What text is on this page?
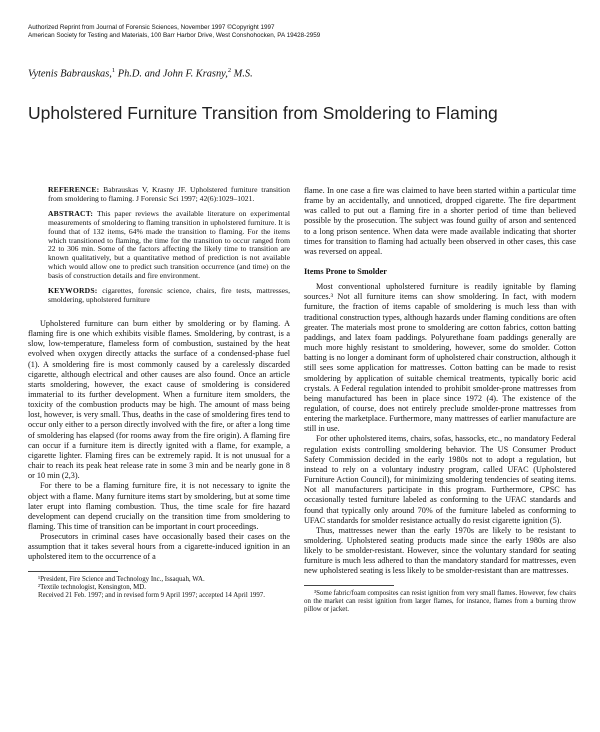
Authorized Reprint from Journal of Forensic Sciences, November 1997 ©Copyright 1997
American Society for Testing and Materials, 100 Barr Harbor Drive, West Conshohocken, PA 19428-2959
Vytenis Babrauskas,$^1$ Ph.D. and John F. Krasny,$^2$ M.S.
Upholstered Furniture Transition from Smoldering to Flaming

REFERENCE: Babrauskas V, Krasny JF. Upholstered furniture transition from smoldering to flaming. J Forensic Sci 1997; 42(6):1029–1021.

ABSTRACT: This paper reviews the available literature on experimental measurements of smoldering to flaming transition in upholstered furniture. It is found that of 132 items, 64% made the transition to flaming. For the items which transitioned to flaming, the time for the transition to occur ranged from 22 to 306 min. Some of the factors affecting the likely time to transition are known qualitatively, but a quantitative method of prediction is not available which would allow one to predict such transition occurrence (and time) on the basis of construction details and fire environment.

KEYWORDS: cigarettes, forensic science, chairs, fire tests, mattresses, smoldering, upholstered furniture

Upholstered furniture can burn either by smoldering or by flaming. A flaming fire is one which exhibits visible flames. Smoldering, by contrast, is a slow, low-temperature, flameless form of combustion, sustained by the heat evolved when oxygen directly attacks the surface of a condensed-phase fuel (1). A smoldering fire is most commonly caused by a carelessly discarded cigarette, although electrical and other causes are also found. Once an article starts smoldering, however, the exact cause of smoldering is considered immaterial to its further development. When a furniture item smolders, the toxicity of the combustion products may be high. The amount of mass being lost, however, is very small. Thus, deaths in the case of smoldering fires tend to occur only either to a person directly involved with the fire, or after a long time of smoldering has elapsed (for rooms away from the fire origin). A flaming fire can occur if a furniture item is directly ignited with a flame, for example, a cigarette lighter. Flaming fires can be extremely rapid. It is not unusual for a chair to reach its peak heat release rate in some 3 min and be nearly gone in 8 or 10 min (2,3).

For there to be a flaming furniture fire, it is not necessary to ignite the object with a flame. Many furniture items start by smoldering, but at some time later erupt into flaming combustion. Thus, the time scale for fire hazard development can depend crucially on the transition time from smoldering to flaming. This time of transition can be important in court proceedings.

Prosecutors in criminal cases have occasionally based their cases on the assumption that it takes several hours from a cigarette-induced ignition in an upholstered item to the occurrence of a

¹President, Fire Science and Technology Inc., Issaquah, WA.

²Textile technologist, Kensington, MD.

Received 21 Feb. 1997; and in revised form 9 April 1997; accepted 14 April 1997.

flame. In one case a fire was claimed to have been started within a particular time frame by an accidentally, and unnoticed, dropped cigarette. The fire department was called to put out a flaming fire in a shorter period of time than believed possible by the prosecution. The subject was found guilty of arson and sentenced to a long prison sentence. When data were made available indicating that shorter times for transition to flaming had actually been observed in other cases, this case was reversed on appeal.

Items Prone to Smolder

Most conventional upholstered furniture is readily ignitable by flaming sources.³ Not all furniture items can show smoldering. In fact, with modern furniture, the fraction of items capable of smoldering is much less than with traditional construction types, although hazards under flaming conditions are often greater. The materials most prone to smoldering are cotton fabrics, cotton batting paddings, and latex foam paddings. Polyurethane foam paddings generally are much more highly resistant to smoldering, however, some do smolder. Cotton batting is no longer a dominant form of upholstered chair construction, although it still sees some application for mattresses. Cotton batting can be made to resist smoldering by application of suitable chemical treatments, typically boric acid crystals. A Federal regulation intended to prohibit smolder-prone mattresses from being manufactured has been in place since 1972 (4). The existence of the regulation, of course, does not entirely preclude smolder-prone mattresses from entering the marketplace. Furthermore, many mattresses of earlier manufacture are still in use.

For other upholstered items, chairs, sofas, hassocks, etc., no mandatory Federal regulation exists controlling smoldering behavior. The US Consumer Product Safety Commission decided in the early 1980s not to adopt a regulation, but instead to rely on a voluntary industry program, called UFAC (Upholstered Furniture Action Council), for minimizing smoldering tendencies of seating items. Not all manufacturers participate in this program. Furthermore, CPSC has occasionally tested furniture labeled as conforming to the UFAC standards and found that typically only around 70% of the furniture labeled as conforming to UFAC standards for smolder resistance actually do resist cigarette ignition (5).

Thus, mattresses newer than the early 1970s are likely to be resistant to smoldering. Upholstered seating products made since the early 1980s are also likely to be smolder-resistant. However, since the voluntary standard for seating furniture is much less adhered to than the mandatory standard for mattresses, even new upholstered seating is less likely to be smolder-resistant than are mattresses.

³Some fabric/foam composites can resist ignition from very small flames. However, few chairs on the market can resist ignition from larger flames, for instance, flames from a burning throw pillow or jacket.
